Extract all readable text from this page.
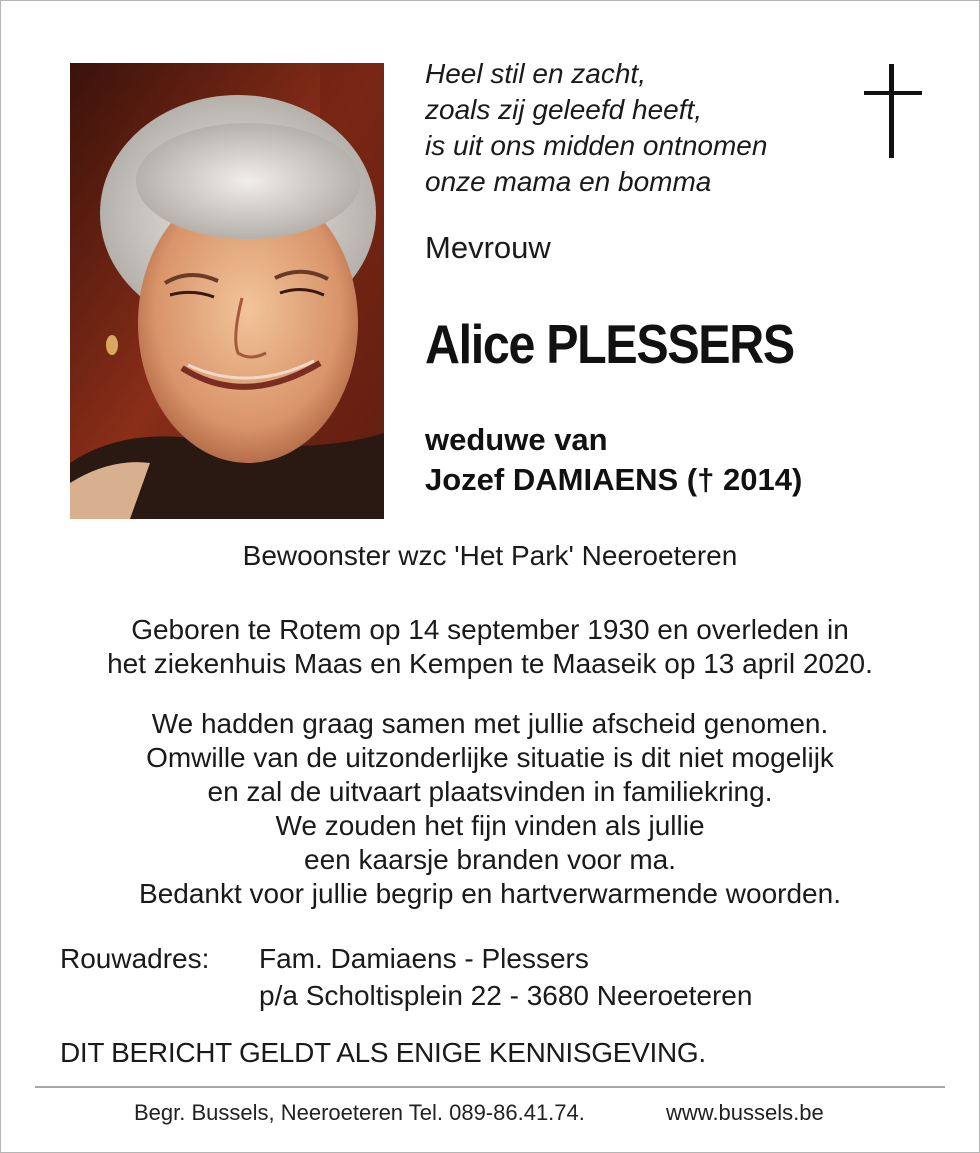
Heel stil en zacht,
zoals zij geleefd heeft,
is uit ons midden ontnomen
onze mama en bomma
Mevrouw
Alice PLESSERS
weduwe van
Jozef DAMIAENS († 2014)
Bewoonster wzc 'Het Park' Neeroeteren
Geboren te Rotem op 14 september 1930 en overleden in
het ziekenhuis Maas en Kempen te Maaseik op 13 april 2020.
We hadden graag samen met jullie afscheid genomen.
Omwille van de uitzonderlijke situatie is dit niet mogelijk
en zal de uitvaart plaatsvinden in familiekring.
We zouden het fijn vinden als jullie
een kaarsje branden voor ma.
Bedankt voor jullie begrip en hartverwarmende woorden.
Rouwadres: Fam. Damiaens - Plessers
p/a Scholtisplein 22 - 3680 Neeroeteren
DIT BERICHT GELDT ALS ENIGE KENNISGEVING.
Begr. Bussels, Neeroeteren Tel. 089-86.41.74.	www.bussels.be
